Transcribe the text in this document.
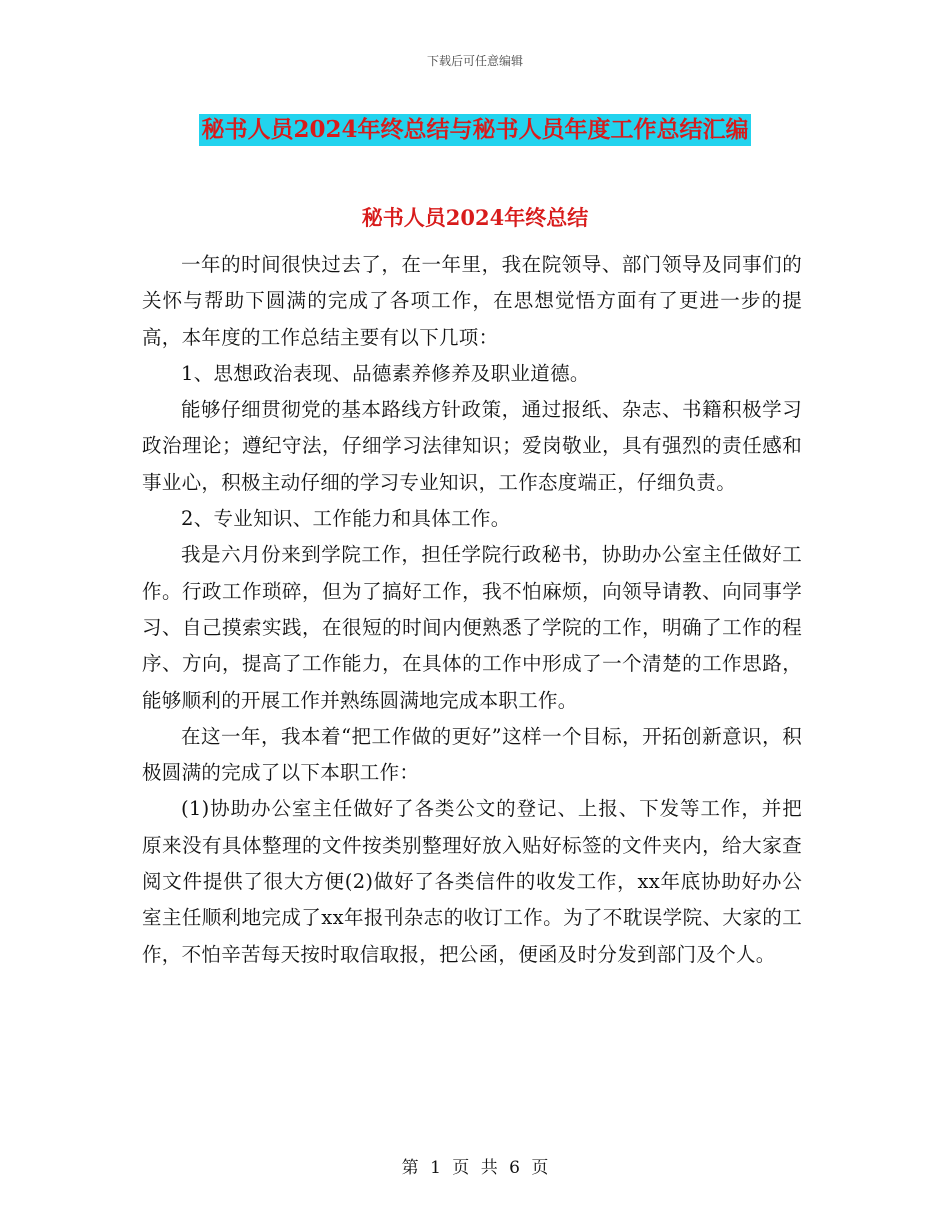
下载后可任意编辑
秘书人员2024年终总结与秘书人员年度工作总结汇编
秘书人员2024年终总结

一年的时间很快过去了，在一年里，我在院领导、部门领导及同事们的关怀与帮助下圆满的完成了各项工作，在思想觉悟方面有了更进一步的提高，本年度的工作总结主要有以下几项：

1、思想政治表现、品德素养修养及职业道德。

能够仔细贯彻党的基本路线方针政策，通过报纸、杂志、书籍积极学习政治理论；遵纪守法，仔细学习法律知识；爱岗敬业，具有强烈的责任感和事业心，积极主动仔细的学习专业知识，工作态度端正，仔细负责。

2、专业知识、工作能力和具体工作。

我是六月份来到学院工作，担任学院行政秘书，协助办公室主任做好工作。行政工作琐碎，但为了搞好工作，我不怕麻烦，向领导请教、向同事学习、自己摸索实践，在很短的时间内便熟悉了学院的工作，明确了工作的程序、方向，提高了工作能力，在具体的工作中形成了一个清楚的工作思路，能够顺利的开展工作并熟练圆满地完成本职工作。

在这一年，我本着“把工作做的更好”这样一个目标，开拓创新意识，积极圆满的完成了以下本职工作：

(1)协助办公室主任做好了各类公文的登记、上报、下发等工作，并把原来没有具体整理的文件按类别整理好放入贴好标签的文件夹内，给大家查阅文件提供了很大方便(2)做好了各类信件的收发工作，xx年底协助好办公室主任顺利地完成了xx年报刊杂志的收订工作。为了不耽误学院、大家的工作，不怕辛苦每天按时取信取报，把公函，便函及时分发到部门及个人。

第 1 页 共 6 页
